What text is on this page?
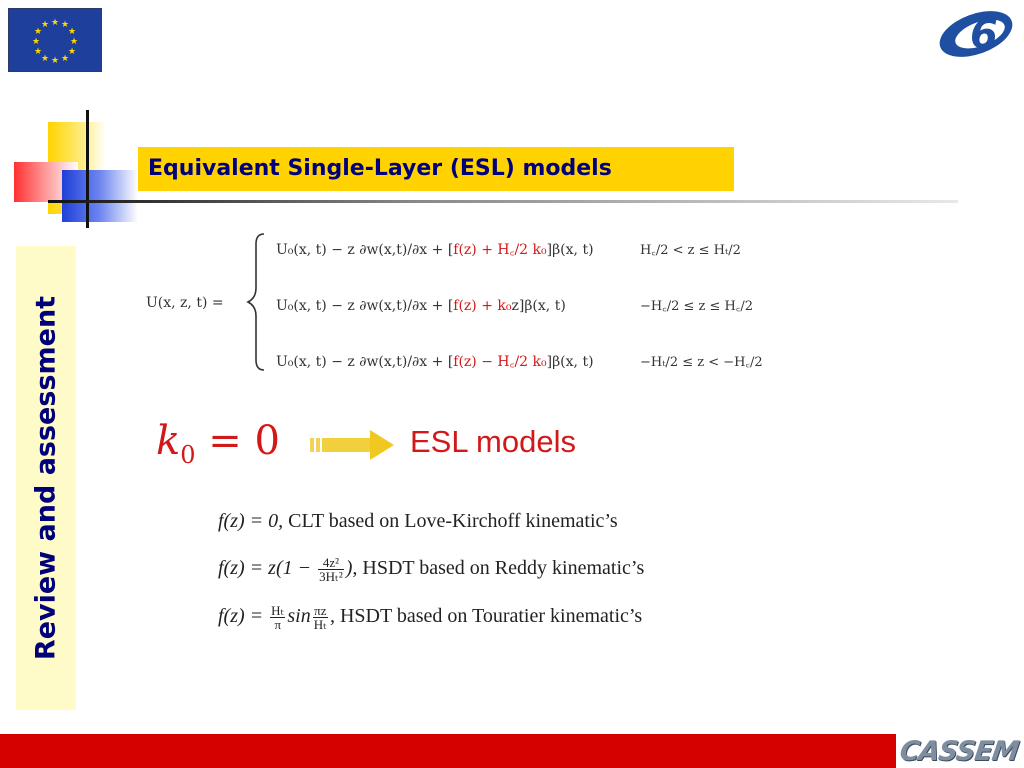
★ ★
★
★
★
★
★
★
★
★
★
★	6
Equivalent Single-Layer (ESL) models
Review and assessment	U(x, z, t) =
U₀(x, t) − z ∂w(x,t)/∂x + [f(z) + H꜀/2 k₀]β(x, t)	H꜀/2 < z ≤ Hₜ/2
U₀(x, t) − z ∂w(x,t)/∂x + [f(z) + k₀z]β(x, t)	−H꜀/2 ≤ z ≤ H꜀/2
U₀(x, t) − z ∂w(x,t)/∂x + [f(z) − H꜀/2 k₀]β(x, t)	−Hₜ/2 ≤ z < −H꜀/2
$k_0 = 0$	ESL models
f(z) = 0, CLT based on Love-Kirchoff kinematic’s
$f(z) = z(1 - \frac{\text{4z²}}{\text{3Hₜ²}}$ ), HSDT based on Reddy kinematic’s
$f(z) = \frac{\text{Hₜ}}{\pi}$ $\sin \frac{\pi z}{\text{Hₜ}}$ , HSDT based on Touratier kinematic’s
CASSEM
